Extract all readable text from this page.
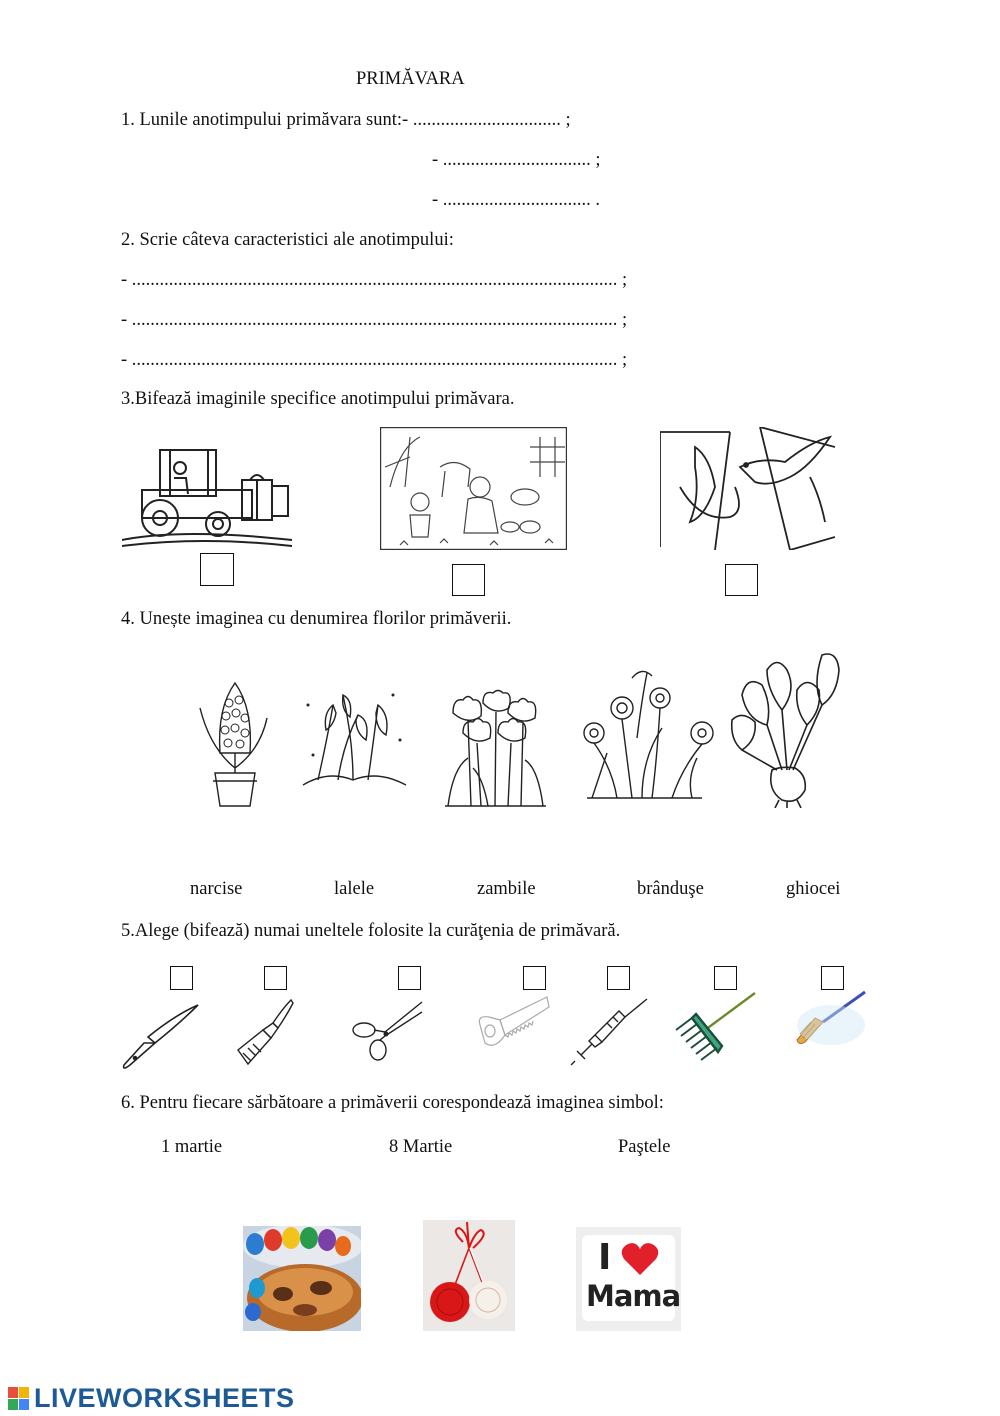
PRIMĂVARA
1. Lunile anotimpului primăvara sunt:- ................................ ;
- ................................ ;
- ................................ .
2. Scrie câteva caracteristici ale anotimpului:
- ......................................................................................................... ;
- ......................................................................................................... ;
- ......................................................................................................... ;
3.Bifează imaginile specifice anotimpului primăvara.
4. Unește imaginea cu denumirea florilor primăverii.
narcise	lalele	zambile	brânduşe	ghiocei
5.Alege (bifează) numai uneltele folosite la curăţenia de primăvară.
6. Pentru fiecare sărbătoare a primăverii corespondează imaginea simbol:
1 martie	8 Martie	Paştele
I
Mama
LIVEWORKSHEETS
